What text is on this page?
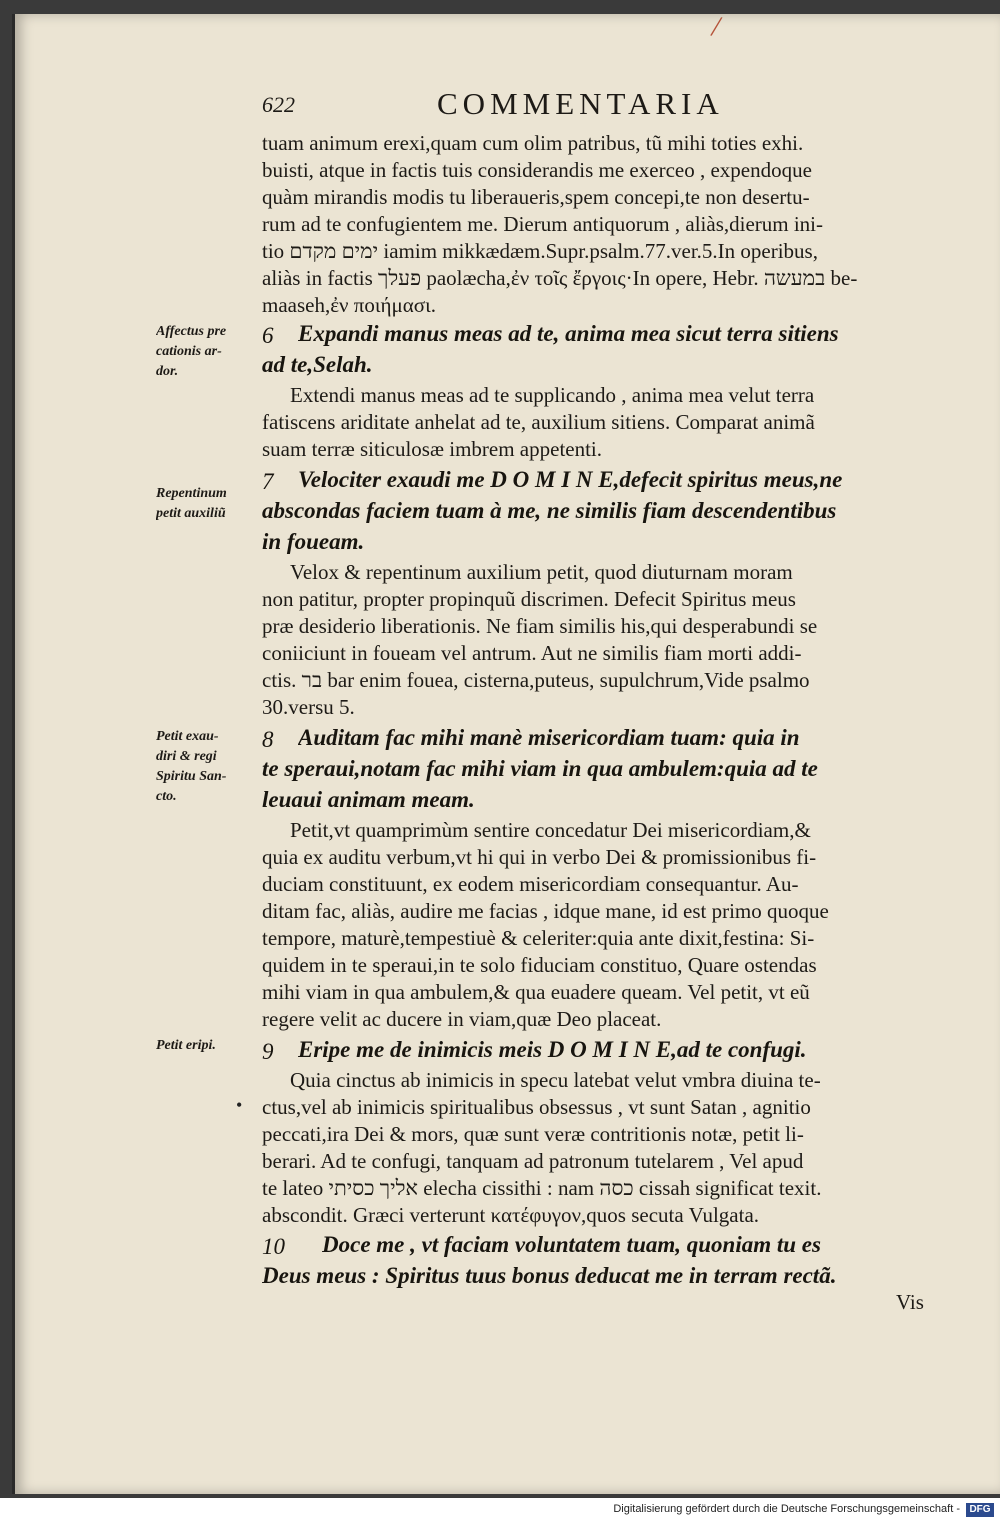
/
622	COMMENTARIA
tuam animum erexi,quam cum olim patribus, tũ mihi toties exhi.
buisti, atque in factis tuis considerandis me exerceo , expendoque
quàm mirandis modis tu liberaueris,spem concepi,te non desertu-
rum ad te confugientem me. Dierum antiquorum , aliàs,dierum ini-
tio ימים מקדם iamim mikkædæm.Supr.psalm.77.ver.5.In operibus,
aliàs in factis פעלך paolæcha,ἐν τοῖς ἔργοις·In opere, Hebr. במעשה be-
maaseh,ἐν ποιήμασι.
Affectus pre
cationis ar-
dor.
6	Expandi manus meas ad te, anima mea sicut terra sitiens
ad te,Selah.
Extendi manus meas ad te supplicando , anima mea velut terra
fatiscens ariditate anhelat ad te, auxilium sitiens. Comparat animã
suam terræ siticulosæ imbrem appetenti.
Repentinum
petit auxiliũ
7	Velociter exaudi me D O M I N E,defecit spiritus meus,ne
abscondas faciem tuam à me, ne similis fiam descendentibus
in foueam.
Velox & repentinum auxilium petit, quod diuturnam moram
non patitur, propter propinquũ discrimen. Defecit Spiritus meus
præ desiderio liberationis. Ne fiam similis his,qui desperabundi se
coniiciunt in foueam vel antrum. Aut ne similis fiam morti addi-
ctis. בר bar enim fouea, cisterna,puteus, supulchrum,Vide psalmo
30.versu 5.
Petit exau-
diri & regi
Spiritu San-
cto.
8	Auditam fac mihi manè misericordiam tuam: quia in
te speraui,notam fac mihi viam in qua ambulem:quia ad te
leuaui animam meam.
Petit,vt quamprimùm sentire concedatur Dei misericordiam,&
quia ex auditu verbum,vt hi qui in verbo Dei & promissionibus fi-
duciam constituunt, ex eodem misericordiam consequantur. Au-
ditam fac, aliàs, audire me facias , idque mane, id est primo quoque
tempore, maturè,tempestiuè & celeriter:quia ante dixit,festina: Si-
quidem in te speraui,in te solo fiduciam constituo, Quare ostendas
mihi viam in qua ambulem,& qua euadere queam. Vel petit, vt eũ
regere velit ac ducere in viam,quæ Deo placeat.
Petit eripi.	9	Eripe me de inimicis meis D O M I N E,ad te confugi.
Quia cinctus ab inimicis in specu latebat velut vmbra diuina te-
• ctus,vel ab inimicis spiritualibus obsessus , vt sunt Satan , agnitio
peccati,ira Dei & mors, quæ sunt veræ contritionis notæ, petit li-
berari. Ad te confugi, tanquam ad patronum tutelarem , Vel apud
te lateo אליך כסיתי elecha cissithi : nam כסה cissah significat texit.
abscondit. Græci verterunt κατέφυγον,quos secuta Vulgata.
10 Doce me , vt faciam voluntatem tuam, quoniam tu es
Deus meus : Spiritus tuus bonus deducat me in terram rectã.
Vis
Digitalisierung gefördert durch die Deutsche Forschungsgemeinschaft - DFG
